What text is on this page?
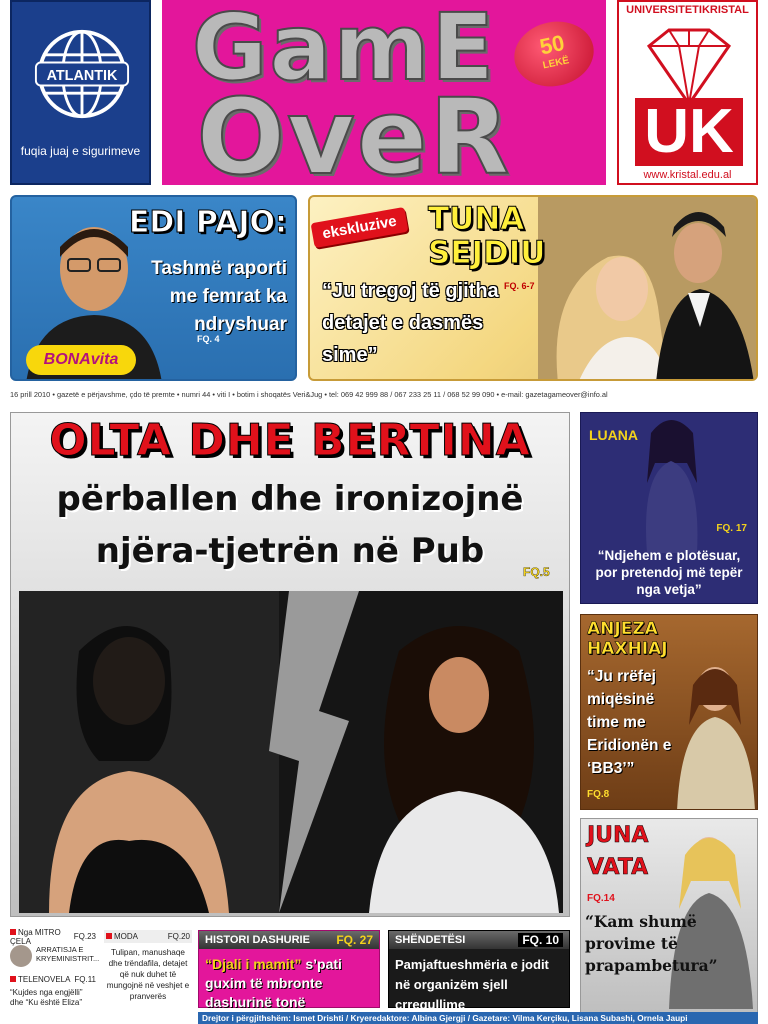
ATLANTIK
fuqia juaj e sigurimeve
GamE
OveR
50
LEKË
UNIVERSITETIKRISTAL
UK
www.kristal.edu.al
EDI PAJO:
Tashmë raporti me femrat ka ndryshuar
FQ. 4
BONAvita
ekskluzive TUNA
SEJDIU
“Ju tregoj të gjitha detajet e dasmës sime”
FQ. 6-7
16 prill 2010 • gazetë e përjavshme, çdo të premte • numri 44 • viti I • botim i shoqatës Veri&Jug • tel: 069 42 999 88 / 067 233 25 11 / 068 52 99 090 • e-mail: gazetagameover@info.al
OLTA DHE BERTINA
përballen dhe ironizojnë
njëra-tjetrën në Pub
FQ.5
LUANA
FQ. 17
“Ndjehem e plotësuar, por pretendoj më tepër nga vetja”
ANJEZA
HAXHIAJ
“Ju rrëfej miqësinë time me Eridionën e ‘BB3’”
FQ.8
JUNA
VATA
FQ.14
“Kam shumë provime të prapambetura”
Nga MITRO ÇELA	FQ.23
ARRATISJA E KRYEMINISTRIT...
TELENOVELA FQ.11
“Kujdes nga engjëlli” dhe “Ku është Eliza”
MODA	FQ.20
Tulipan, manushaqe dhe trëndafila, detajet që nuk duhet të mungojnë në veshjet e pranverës
HISTORI DASHURIE FQ. 27
“Djali i mamit” s’pati guxim të mbronte dashurinë tonë
SHËNDETËSI	FQ. 10
Pamjaftueshmëria e jodit në organizëm sjell çrregullime
Drejtor i përgjithshëm: Ismet Drishti / Kryeredaktore: Albina Gjergji / Gazetare: Vilma Kerçiku, Lisana Subashi, Ornela Jaupi
